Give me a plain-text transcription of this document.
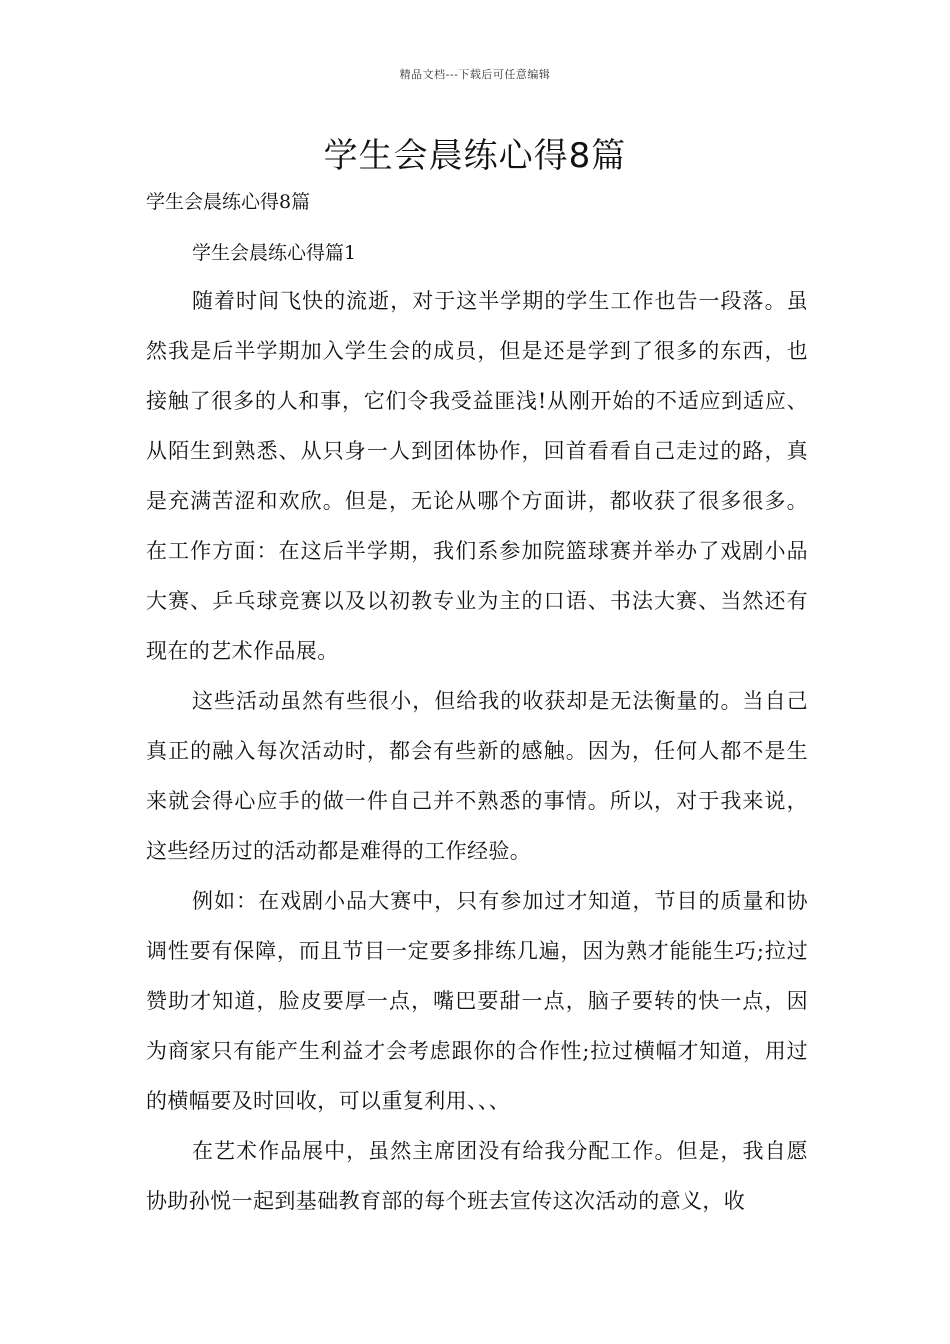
精品文档---下载后可任意编辑
学生会晨练心得8篇

学生会晨练心得8篇

学生会晨练心得篇1

随着时间飞快的流逝，对于这半学期的学生工作也告一段落。虽然我是后半学期加入学生会的成员，但是还是学到了很多的东西，也接触了很多的人和事，它们令我受益匪浅!从刚开始的不适应到适应、从陌生到熟悉、从只身一人到团体协作，回首看看自己走过的路，真是充满苦涩和欢欣。但是，无论从哪个方面讲，都收获了很多很多。在工作方面：在这后半学期，我们系参加院篮球赛并举办了戏剧小品大赛、乒乓球竞赛以及以初教专业为主的口语、书法大赛、当然还有现在的艺术作品展。

这些活动虽然有些很小，但给我的收获却是无法衡量的。当自己真正的融入每次活动时，都会有些新的感触。因为，任何人都不是生来就会得心应手的做一件自己并不熟悉的事情。所以，对于我来说，这些经历过的活动都是难得的工作经验。

例如：在戏剧小品大赛中，只有参加过才知道，节目的质量和协调性要有保障，而且节目一定要多排练几遍，因为熟才能能生巧;拉过赞助才知道，脸皮要厚一点，嘴巴要甜一点，脑子要转的快一点，因为商家只有能产生利益才会考虑跟你的合作性;拉过横幅才知道，用过的横幅要及时回收，可以重复利用、、、

在艺术作品展中，虽然主席团没有给我分配工作。但是，我自愿协助孙悦一起到基础教育部的每个班去宣传这次活动的意义，收
